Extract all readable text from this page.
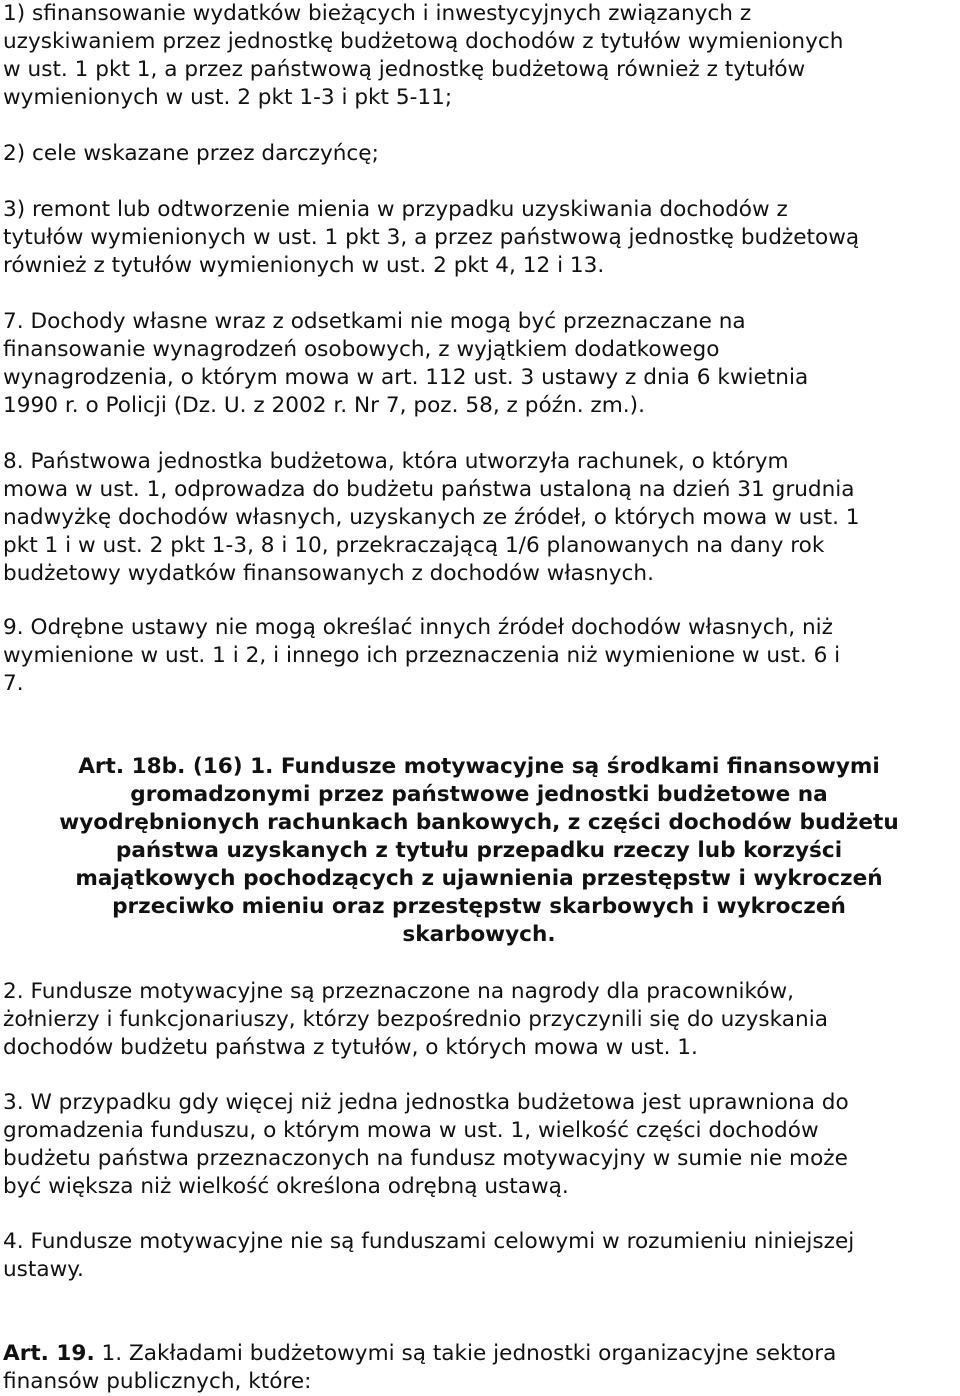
1) sfinansowanie wydatków bieżących i inwestycyjnych związanych z
uzyskiwaniem przez jednostkę budżetową dochodów z tytułów wymienionych
w ust. 1 pkt 1, a przez państwową jednostkę budżetową również z tytułów
wymienionych w ust. 2 pkt 1-3 i pkt 5-11;

2) cele wskazane przez darczyńcę;

3) remont lub odtworzenie mienia w przypadku uzyskiwania dochodów z
tytułów wymienionych w ust. 1 pkt 3, a przez państwową jednostkę budżetową
również z tytułów wymienionych w ust. 2 pkt 4, 12 i 13.

7. Dochody własne wraz z odsetkami nie mogą być przeznaczane na
finansowanie wynagrodzeń osobowych, z wyjątkiem dodatkowego
wynagrodzenia, o którym mowa w art. 112 ust. 3 ustawy z dnia 6 kwietnia
1990 r. o Policji (Dz. U. z 2002 r. Nr 7, poz. 58, z późn. zm.).

8. Państwowa jednostka budżetowa, która utworzyła rachunek, o którym
mowa w ust. 1, odprowadza do budżetu państwa ustaloną na dzień 31 grudnia
nadwyżkę dochodów własnych, uzyskanych ze źródeł, o których mowa w ust. 1
pkt 1 i w ust. 2 pkt 1-3, 8 i 10, przekraczającą 1/6 planowanych na dany rok
budżetowy wydatków finansowanych z dochodów własnych.

9. Odrębne ustawy nie mogą określać innych źródeł dochodów własnych, niż
wymienione w ust. 1 i 2, i innego ich przeznaczenia niż wymienione w ust. 6 i
7.

Art. 18b. (16) 1. Fundusze motywacyjne są środkami finansowymi
gromadzonymi przez państwowe jednostki budżetowe na
wyodrębnionych rachunkach bankowych, z części dochodów budżetu
państwa uzyskanych z tytułu przepadku rzeczy lub korzyści
majątkowych pochodzących z ujawnienia przestępstw i wykroczeń
przeciwko mieniu oraz przestępstw skarbowych i wykroczeń
skarbowych.

2. Fundusze motywacyjne są przeznaczone na nagrody dla pracowników,
żołnierzy i funkcjonariuszy, którzy bezpośrednio przyczynili się do uzyskania
dochodów budżetu państwa z tytułów, o których mowa w ust. 1.

3. W przypadku gdy więcej niż jedna jednostka budżetowa jest uprawniona do
gromadzenia funduszu, o którym mowa w ust. 1, wielkość części dochodów
budżetu państwa przeznaczonych na fundusz motywacyjny w sumie nie może
być większa niż wielkość określona odrębną ustawą.

4. Fundusze motywacyjne nie są funduszami celowymi w rozumieniu niniejszej
ustawy.

Art. 19. 1. Zakładami budżetowymi są takie jednostki organizacyjne sektora
finansów publicznych, które:
